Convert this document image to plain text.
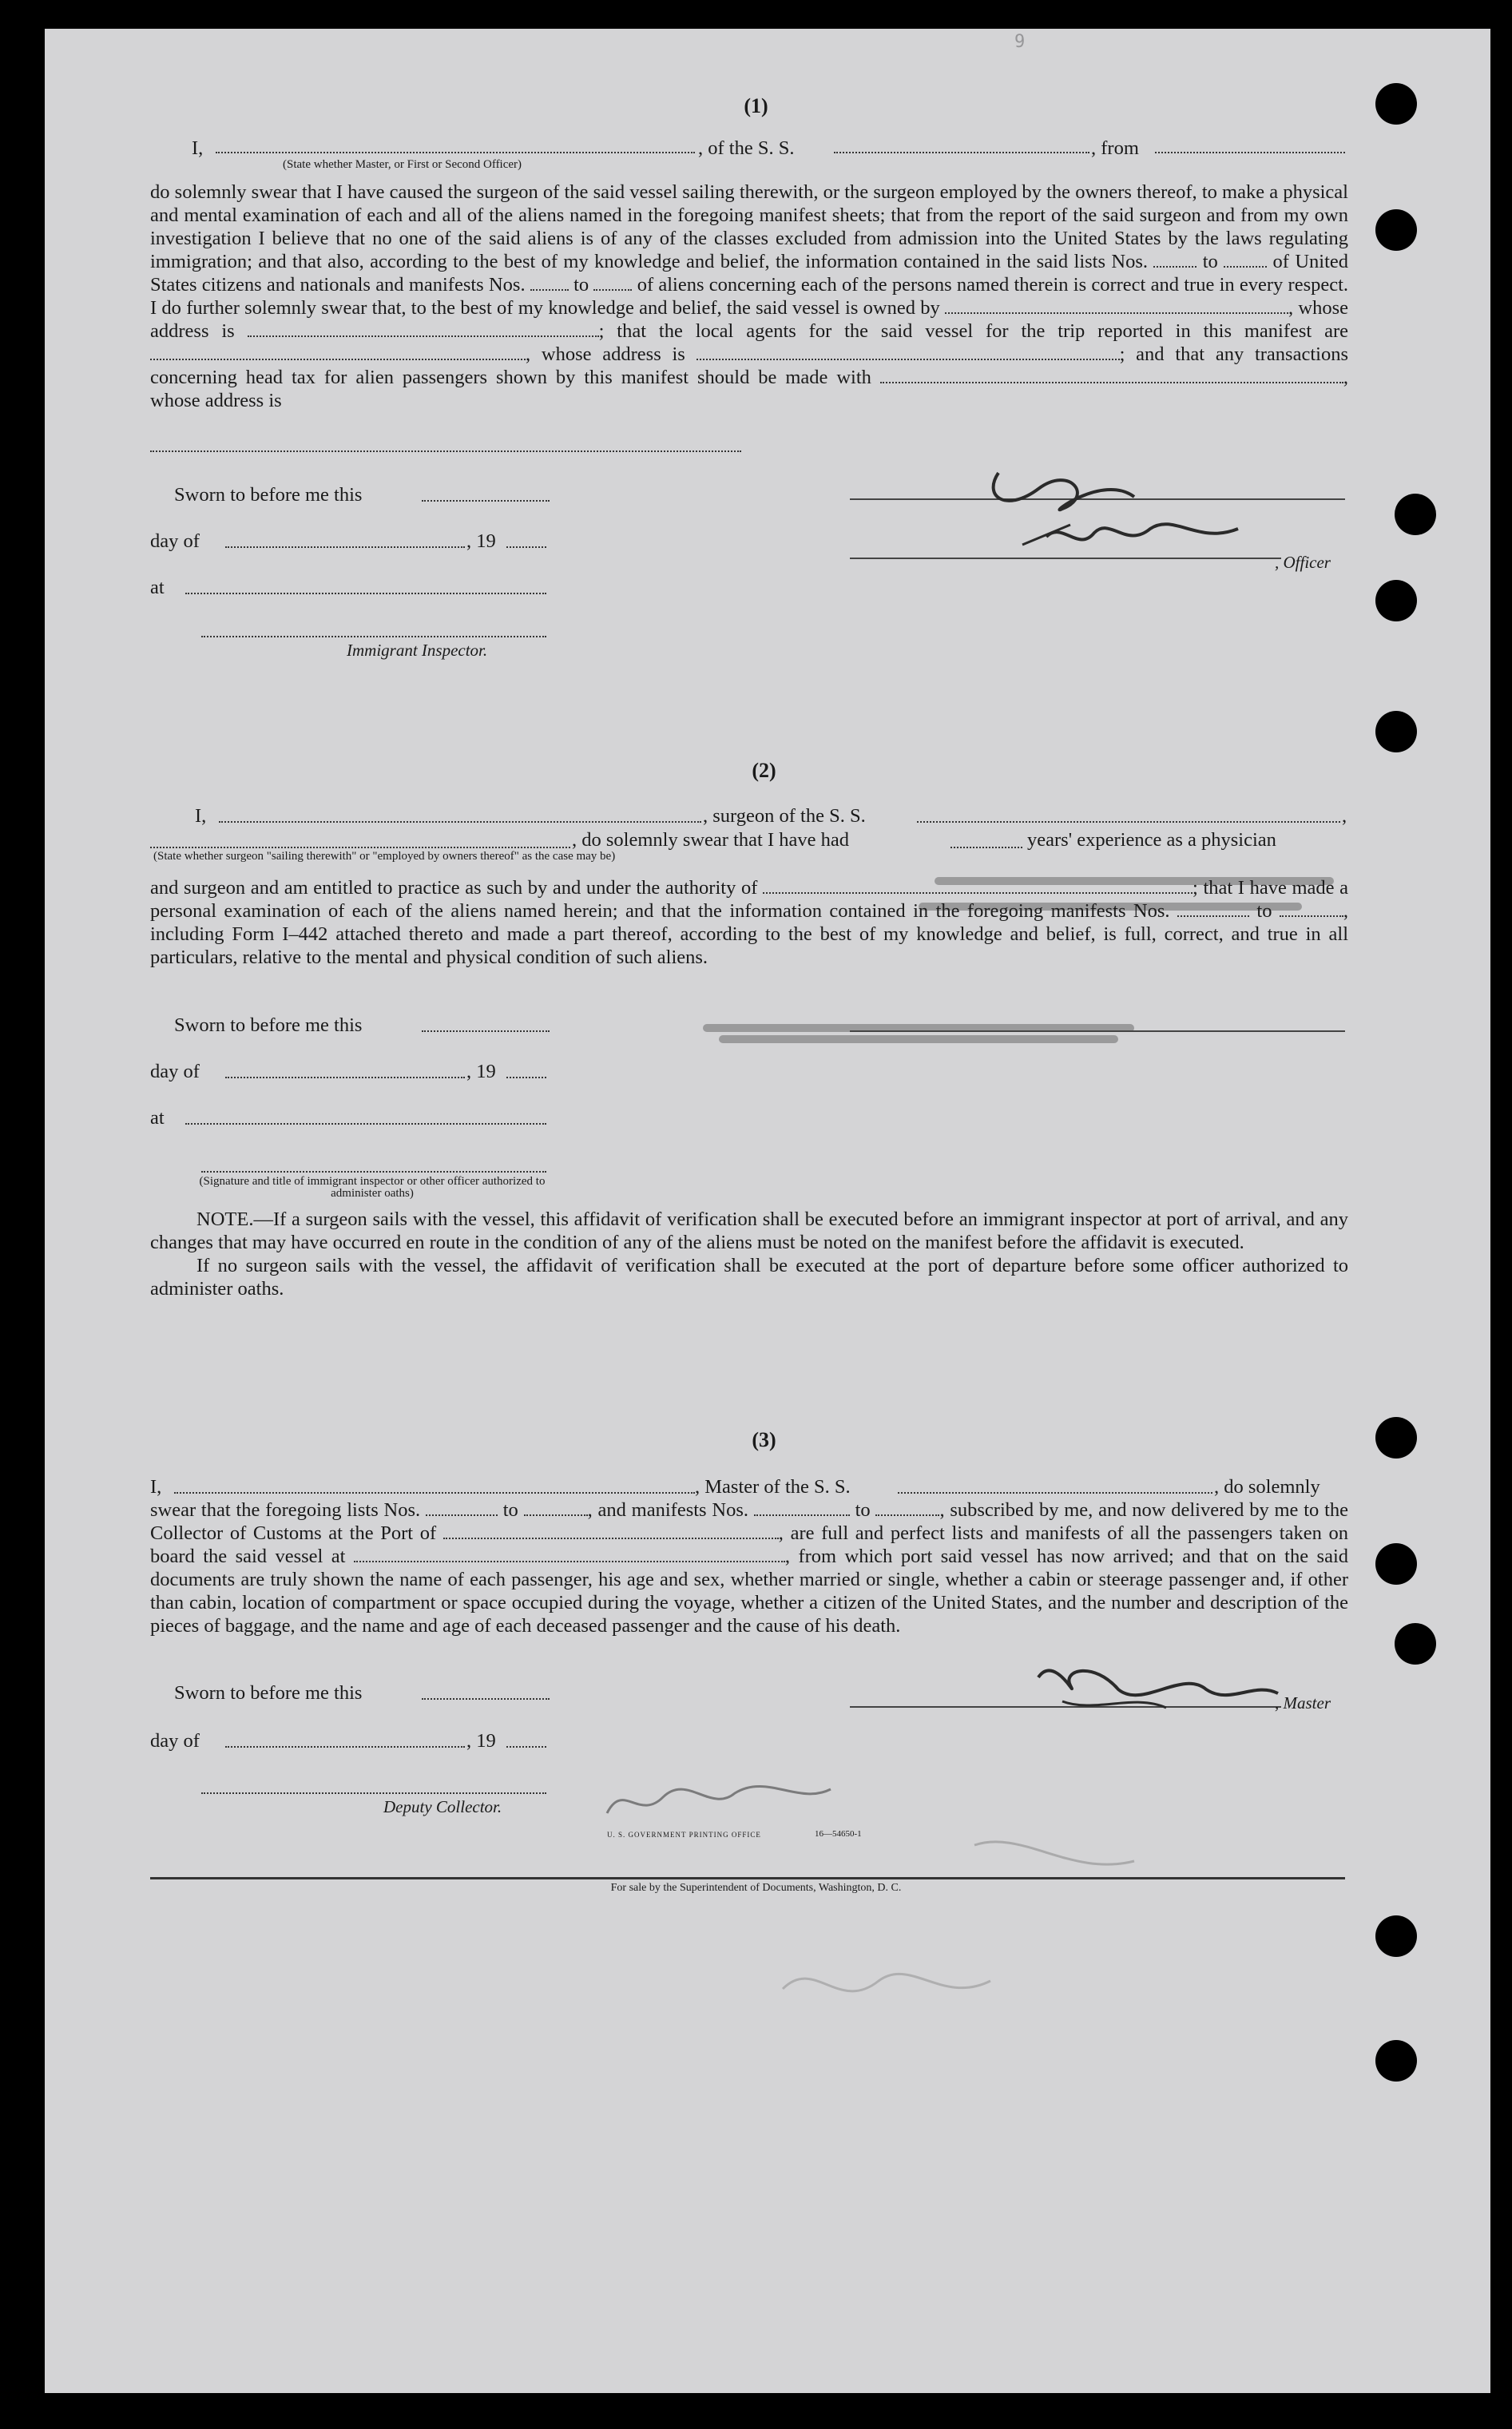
9
(1)
I,
(State whether Master, or First or Second Officer)
, of the S. S.	, from

do solemnly swear that I have caused the surgeon of the said vessel sailing therewith, or the surgeon employed by the owners thereof, to make a physical and mental examination of each and all of the aliens named in the foregoing manifest sheets; that from the report of the said surgeon and from my own investigation I believe that no one of the said aliens is of any of the classes excluded from admission into the United States by the laws regulating immigration; and that also, according to the best of my knowledge and belief, the information contained in the said lists Nos.	to	of United States citizens and nationals and manifests Nos. to of aliens concerning each of the persons named therein is correct and true in every respect. I do further solemnly swear that, to the best of my knowledge and belief, the said vessel is owned by	, whose address is	; that the local agents for the said vessel for the trip reported in this manifest are , whose address is	; and that any transactions concerning head tax for alien passengers shown by this manifest should be made with	, whose address is

Sworn to before me this
day of	, 19
, Officer
at
Immigrant Inspector.
(2)
I,	, surgeon of the S. S.	,
, do solemnly swear that I have had	years' experience as a physician
(State whether surgeon "sailing therewith" or "employed by owners thereof" as the case may be)

and surgeon and am entitled to practice as such by and under the authority of	; that I have made a personal examination of each of the aliens named herein; and that the information contained in the foregoing manifests Nos.	to	, including Form I–442 attached thereto and made a part thereof, according to the best of my knowledge and belief, is full, correct, and true in all particulars, relative to the mental and physical condition of such aliens.

Sworn to before me this
day of	, 19
at
(Signature and title of immigrant inspector or other officer authorized to administer oaths)

NOTE.—If a surgeon sails with the vessel, this affidavit of verification shall be executed before an immigrant inspector at port of arrival, and any changes that may have occurred en route in the condition of any of the aliens must be noted on the manifest before the affidavit is executed.

If no surgeon sails with the vessel, the affidavit of verification shall be executed at the port of departure before some officer authorized to administer oaths.

(3)
I,	, Master of the S. S.	, do solemnly

swear that the foregoing lists Nos.	to	, and manifests Nos.	to	, subscribed by me, and now delivered by me to the Collector of Customs at the Port of	, are full and perfect lists and manifests of all the passengers taken on board the said vessel at	, from which port said vessel has now arrived; and that on the said documents are truly shown the name of each passenger, his age and sex, whether married or single, whether a cabin or steerage passenger and, if other than cabin, location of compartment or space occupied during the voyage, whether a citizen of the United States, and the number and description of the pieces of baggage, and the name and age of each deceased passenger and the cause of his death.

Sworn to before me this	, Master
day of	, 19
Deputy Collector.
U. S. GOVERNMENT PRINTING OFFICE	16—54650-1
For sale by the Superintendent of Documents, Washington, D. C.
